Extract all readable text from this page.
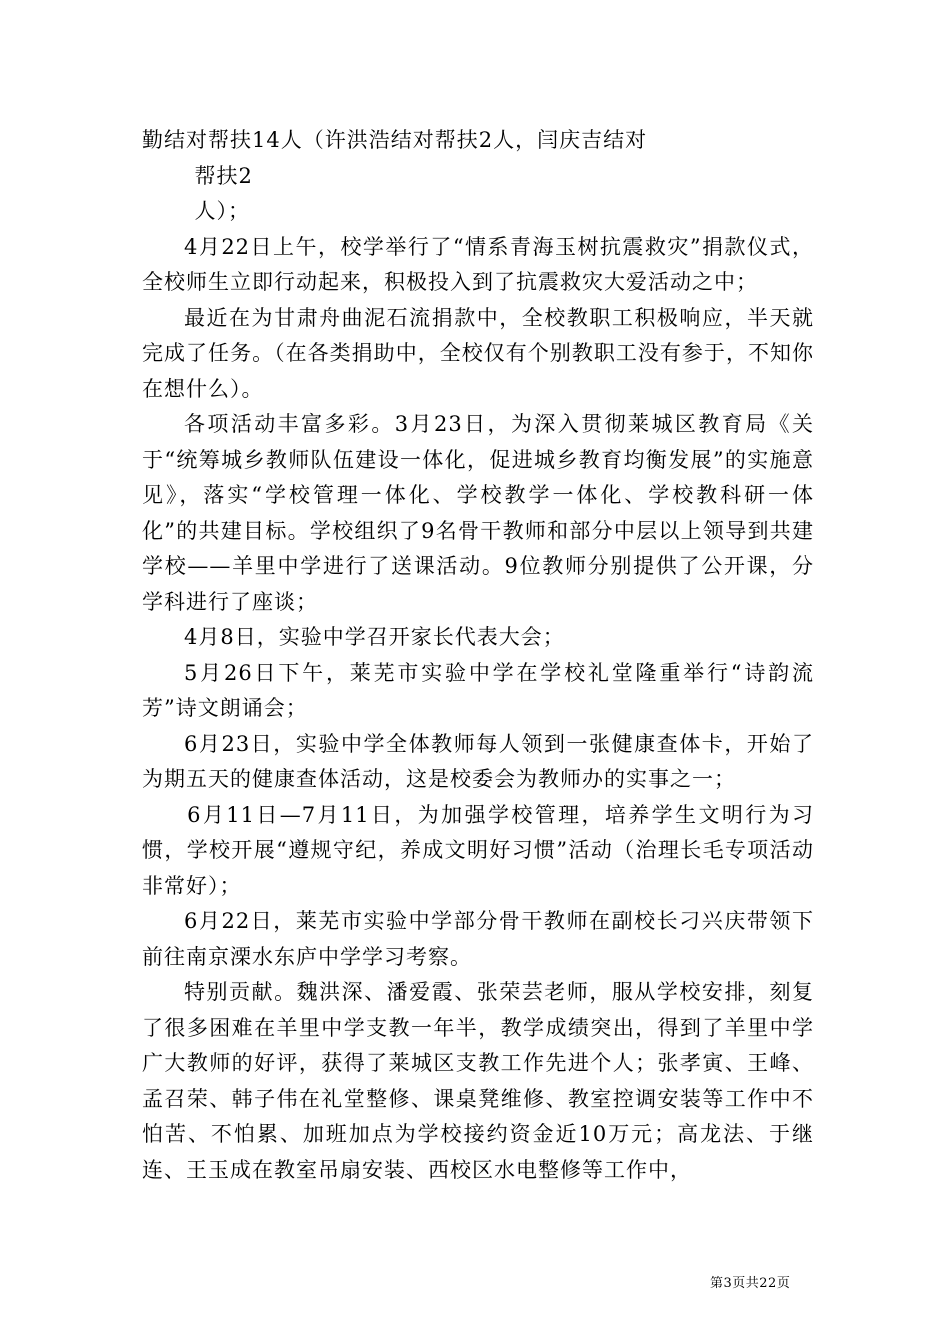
勤结对帮扶14人（许洪浩结对帮扶2人，闫庆吉结对

帮扶2

人）；

4月22日上午，校学举行了“情系青海玉树抗震救灾”捐款仪式，全校师生立即行动起来，积极投入到了抗震救灾大爱活动之中；

最近在为甘肃舟曲泥石流捐款中，全校教职工积极响应，半天就完成了任务。（在各类捐助中，全校仅有个别教职工没有参于，不知你在想什么）。

各项活动丰富多彩。3月23日，为深入贯彻莱城区教育局《关于“统筹城乡教师队伍建设一体化，促进城乡教育均衡发展”的实施意见》，落实“学校管理一体化、学校教学一体化、学校教科研一体化”的共建目标。学校组织了9名骨干教师和部分中层以上领导到共建学校——羊里中学进行了送课活动。9位教师分别提供了公开课，分学科进行了座谈；

4月8日，实验中学召开家长代表大会；

5月26日下午，莱芜市实验中学在学校礼堂隆重举行“诗韵流芳”诗文朗诵会；

6月23日，实验中学全体教师每人领到一张健康查体卡，开始了为期五天的健康查体活动，这是校委会为教师办的实事之一；

6月11日—7月11日，为加强学校管理，培养学生文明行为习惯，学校开展“遵规守纪，养成文明好习惯”活动（治理长毛专项活动非常好）；

6月22日，莱芜市实验中学部分骨干教师在副校长刁兴庆带领下前往南京溧水东庐中学学习考察。

特别贡献。魏洪深、潘爱霞、张荣芸老师，服从学校安排，刻复了很多困难在羊里中学支教一年半，教学成绩突出，得到了羊里中学广大教师的好评，获得了莱城区支教工作先进个人；张孝寅、王峰、孟召荣、韩子伟在礼堂整修、课桌凳维修、教室控调安装等工作中不怕苦、不怕累、加班加点为学校接约资金近10万元；高龙法、于继连、王玉成在教室吊扇安装、西校区水电整修等工作中，

第3页共22页
